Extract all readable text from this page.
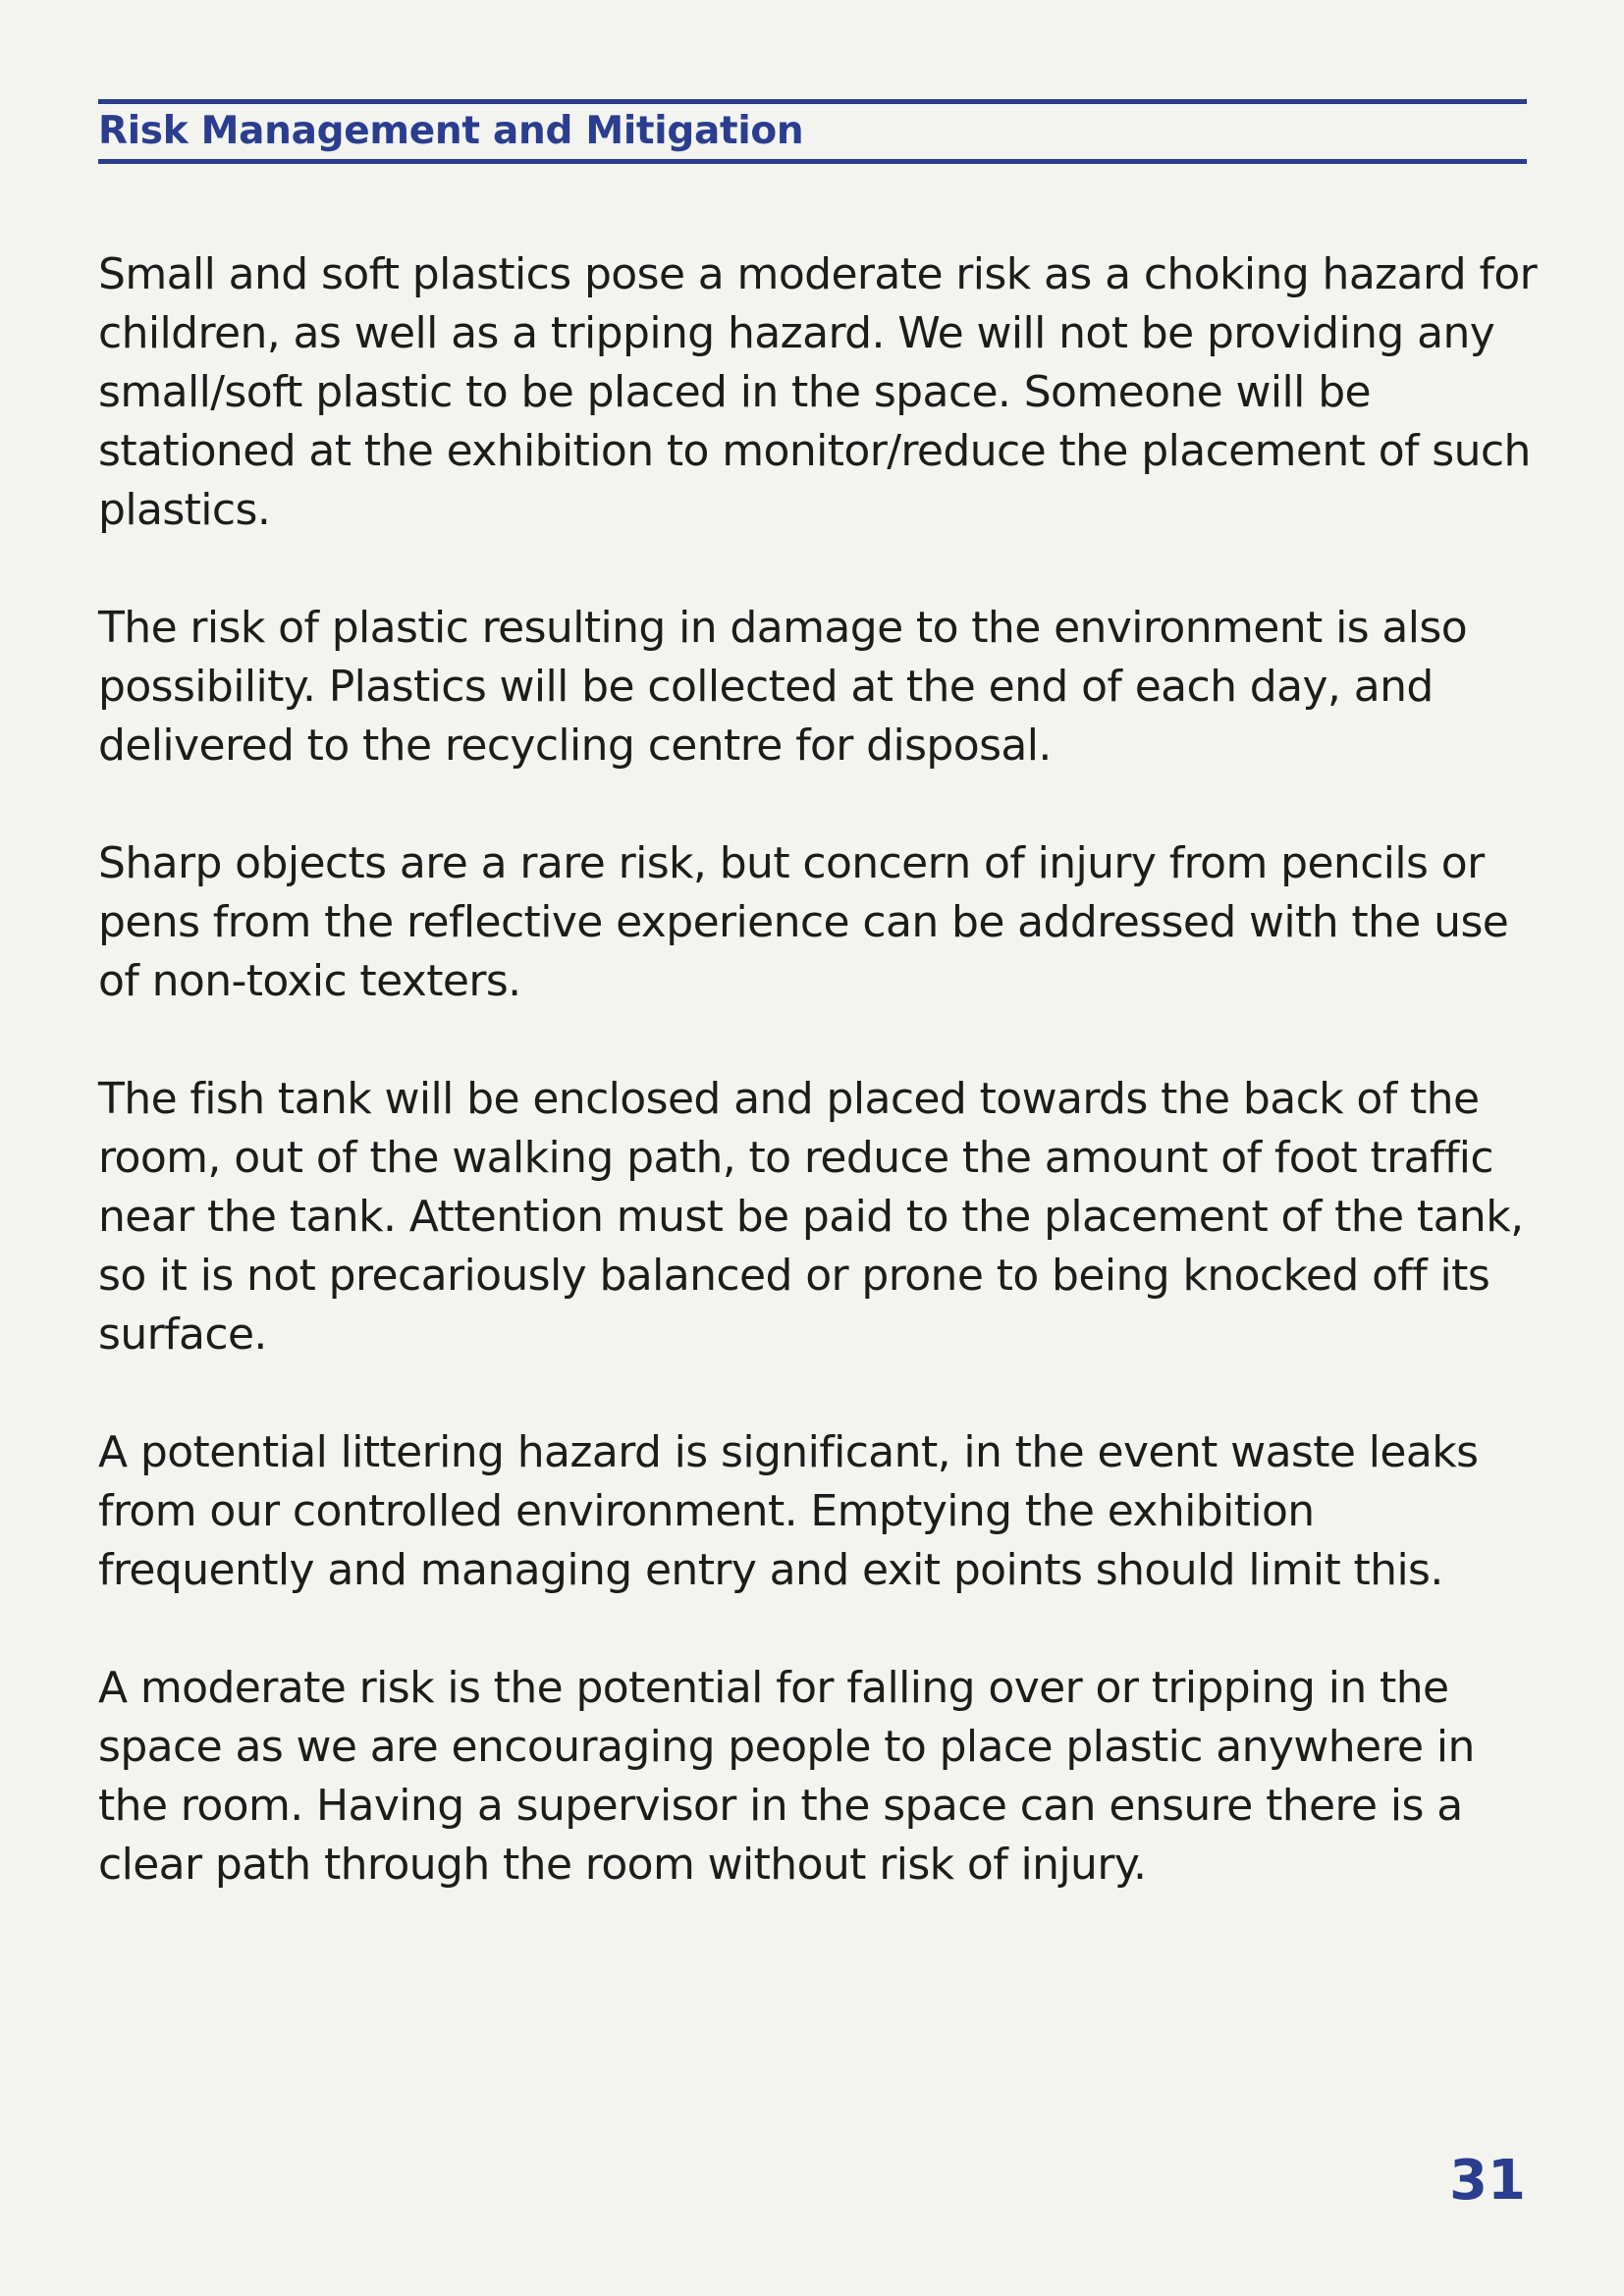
Risk Management and Mitigation

Small and soft plastics pose a moderate risk as a choking hazard for children, as well as a tripping hazard. We will not be providing any small/soft plastic to be placed in the space. Someone will be stationed at the exhibition to monitor/reduce the placement of such plastics.

The risk of plastic resulting in damage to the environment is also possibility. Plastics will be collected at the end of each day, and delivered to the recycling centre for disposal.

Sharp objects are a rare risk, but concern of injury from pencils or pens from the reflective experience can be addressed with the use of non-toxic texters.

The fish tank will be enclosed and placed towards the back of the room, out of the walking path, to reduce the amount of foot traffic near the tank. Attention must be paid to the placement of the tank, so it is not precariously balanced or prone to being knocked off its surface.

A potential littering hazard is significant, in the event waste leaks from our controlled environment. Emptying the exhibition frequently and managing entry and exit points should limit this.

A moderate risk is the potential for falling over or tripping in the space as we are encouraging people to place plastic anywhere in the room. Having a supervisor in the space can ensure there is a clear path through the room without risk of injury.

31
